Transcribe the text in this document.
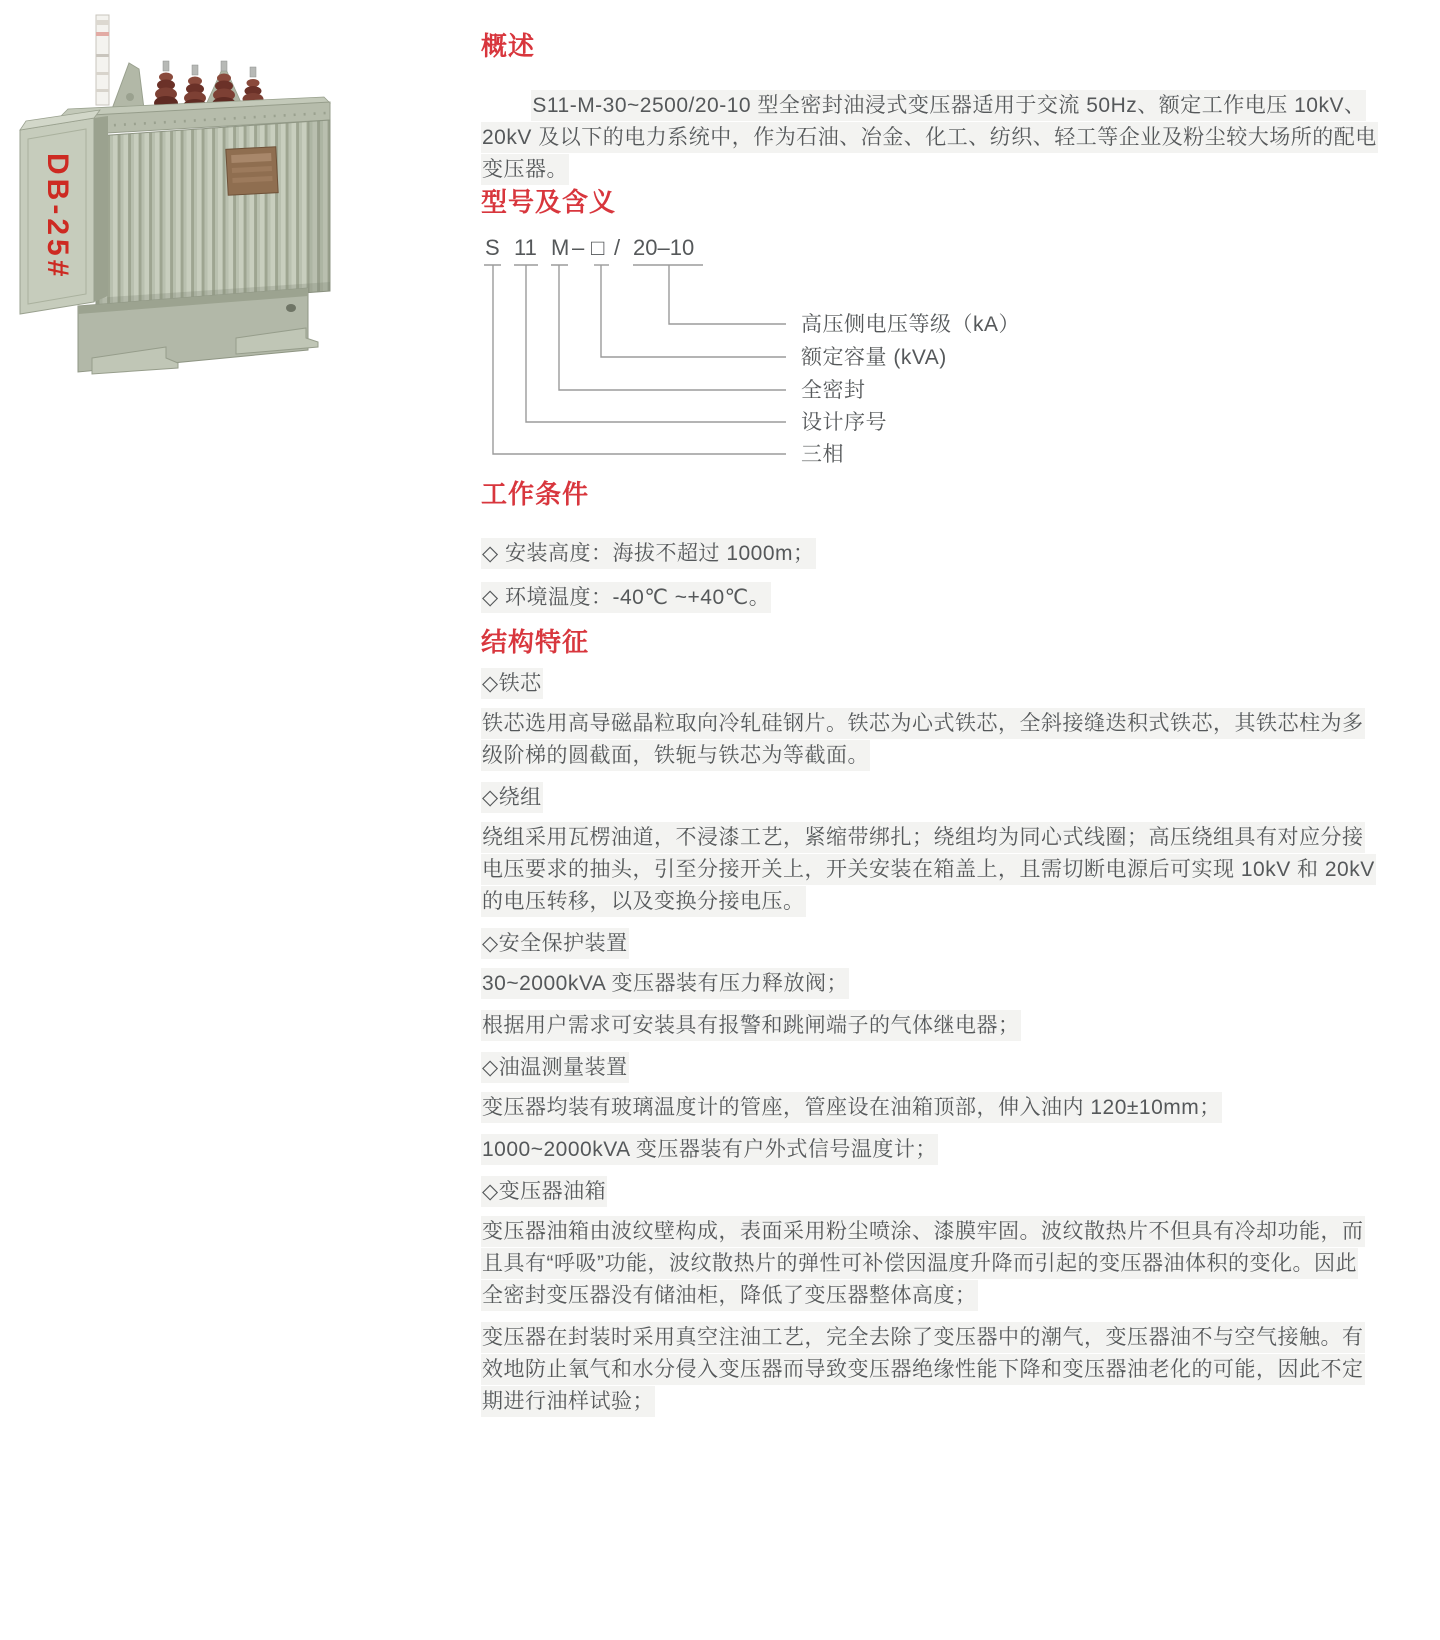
DB-25#
概述

S11-M-30~2500/20-10 型全密封油浸式变压器适用于交流 50Hz、额定工作电压 10kV、20kV 及以下的电力系统中，作为石油、冶金、化工、纺织、轻工等企业及粉尘较大场所的配电变压器。

型号及含义
S 11 M – □ / 20–10
高压侧电压等级（kA）
额定容量 (kVA)
全密封
设计序号
三相
工作条件

◇ 安装高度：海拔不超过 1000m；

◇ 环境温度：-40℃ ~+40℃。

结构特征

◇铁芯

铁芯选用高导磁晶粒取向冷轧硅钢片。铁芯为心式铁芯，全斜接缝迭积式铁芯，其铁芯柱为多级阶梯的圆截面，铁轭与铁芯为等截面。

◇绕组

绕组采用瓦楞油道，不浸漆工艺，紧缩带绑扎；绕组均为同心式线圈；高压绕组具有对应分接电压要求的抽头，引至分接开关上，开关安装在箱盖上，且需切断电源后可实现 10kV 和 20kV 的电压转移，以及变换分接电压。

◇安全保护装置

30~2000kVA 变压器装有压力释放阀；

根据用户需求可安装具有报警和跳闸端子的气体继电器；

◇油温测量装置

变压器均装有玻璃温度计的管座，管座设在油箱顶部，伸入油内 120±10mm；

1000~2000kVA 变压器装有户外式信号温度计；

◇变压器油箱

变压器油箱由波纹壁构成，表面采用粉尘喷涂、漆膜牢固。波纹散热片不但具有冷却功能，而且具有“呼吸”功能，波纹散热片的弹性可补偿因温度升降而引起的变压器油体积的变化。因此全密封变压器没有储油柜，降低了变压器整体高度；

变压器在封装时采用真空注油工艺，完全去除了变压器中的潮气，变压器油不与空气接触。有效地防止氧气和水分侵入变压器而导致变压器绝缘性能下降和变压器油老化的可能，因此不定期进行油样试验；
